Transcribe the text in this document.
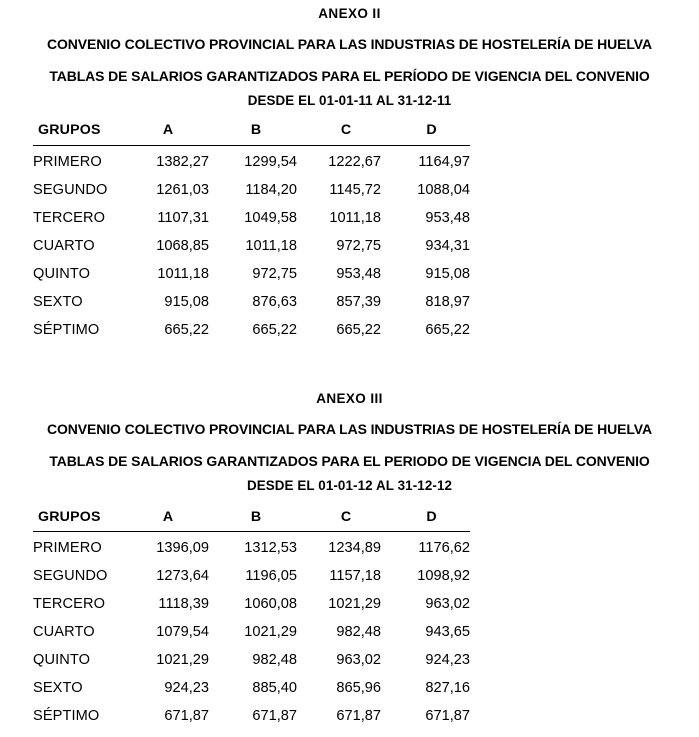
ANEXO II
CONVENIO COLECTIVO PROVINCIAL PARA LAS INDUSTRIAS DE HOSTELERÍA DE HUELVA
TABLAS DE SALARIOS GARANTIZADOS PARA EL PERÍODO DE VIGENCIA DEL CONVENIO
DESDE EL 01-01-11 AL 31-12-11
GRUPOS	A	B	C	D
PRIMERO	1382,27	1299,54	1222,67	1164,97
SEGUNDO	1261,03	1184,20	1145,72	1088,04
TERCERO	1107,31	1049,58	1011,18	953,48
CUARTO	1068,85	1011,18	972,75	934,31
QUINTO	1011,18	972,75	953,48	915,08
SEXTO	915,08	876,63	857,39	818,97
SÉPTIMO	665,22	665,22	665,22	665,22
ANEXO III
CONVENIO COLECTIVO PROVINCIAL PARA LAS INDUSTRIAS DE HOSTELERÍA DE HUELVA
TABLAS DE SALARIOS GARANTIZADOS PARA EL PERIODO DE VIGENCIA DEL CONVENIO
DESDE EL 01-01-12 AL 31-12-12
GRUPOS	A	B	C	D
PRIMERO	1396,09	1312,53	1234,89	1176,62
SEGUNDO	1273,64	1196,05	1157,18	1098,92
TERCERO	1118,39	1060,08	1021,29	963,02
CUARTO	1079,54	1021,29	982,48	943,65
QUINTO	1021,29	982,48	963,02	924,23
SEXTO	924,23	885,40	865,96	827,16
SÉPTIMO	671,87	671,87	671,87	671,87
